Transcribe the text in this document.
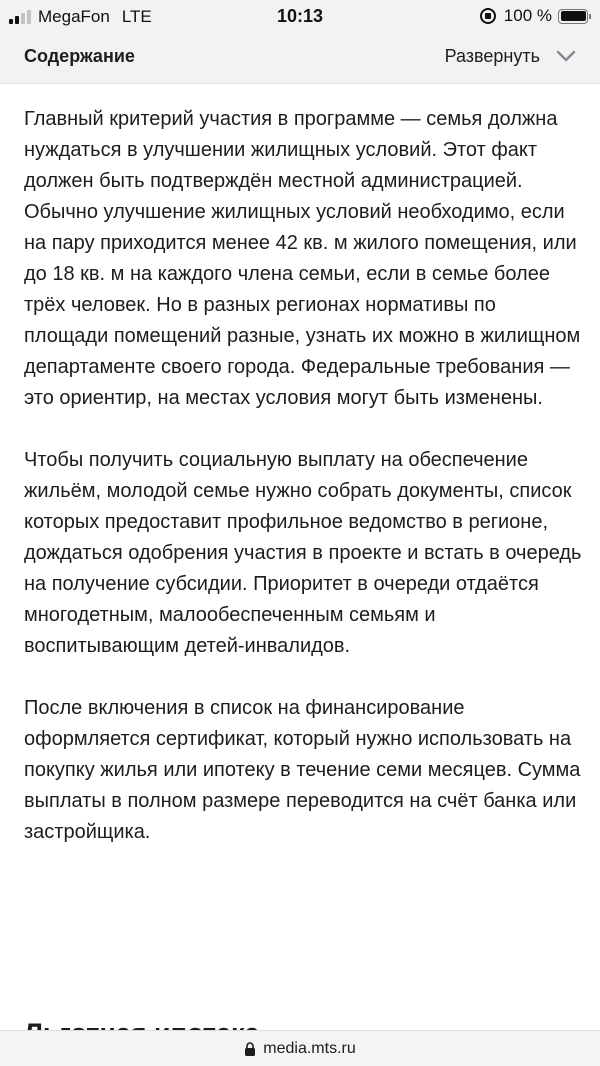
MegaFon LTE	10:13	100 %
Содержание	Развернуть

Главный критерий участия в программе — семья должна нуждаться в улучшении жилищных условий. Этот факт должен быть подтверждён местной администрацией. Обычно улучшение жилищных условий необходимо, если на пару приходится менее 42 кв. м жилого помещения, или до 18 кв. м на каждого члена семьи, если в семье более трёх человек. Но в разных регионах нормативы по площади помещений разные, узнать их можно в жилищном департаменте своего города. Федеральные требования — это ориентир, на местах условия могут быть изменены.

Чтобы получить социальную выплату на обеспечение жильём, молодой семье нужно собрать документы, список которых предоставит профильное ведомство в регионе, дождаться одобрения участия в проекте и встать в очередь на получение субсидии. Приоритет в очереди отдаётся многодетным, малообеспеченным семьям и воспитывающим детей-инвалидов.

После включения в список на финансирование оформляется сертификат, который нужно использовать на покупку жилья или ипотеку в течение семи месяцев. Сумма выплаты в полном размере переводится на счёт банка или застройщика.

media.mts.ru
